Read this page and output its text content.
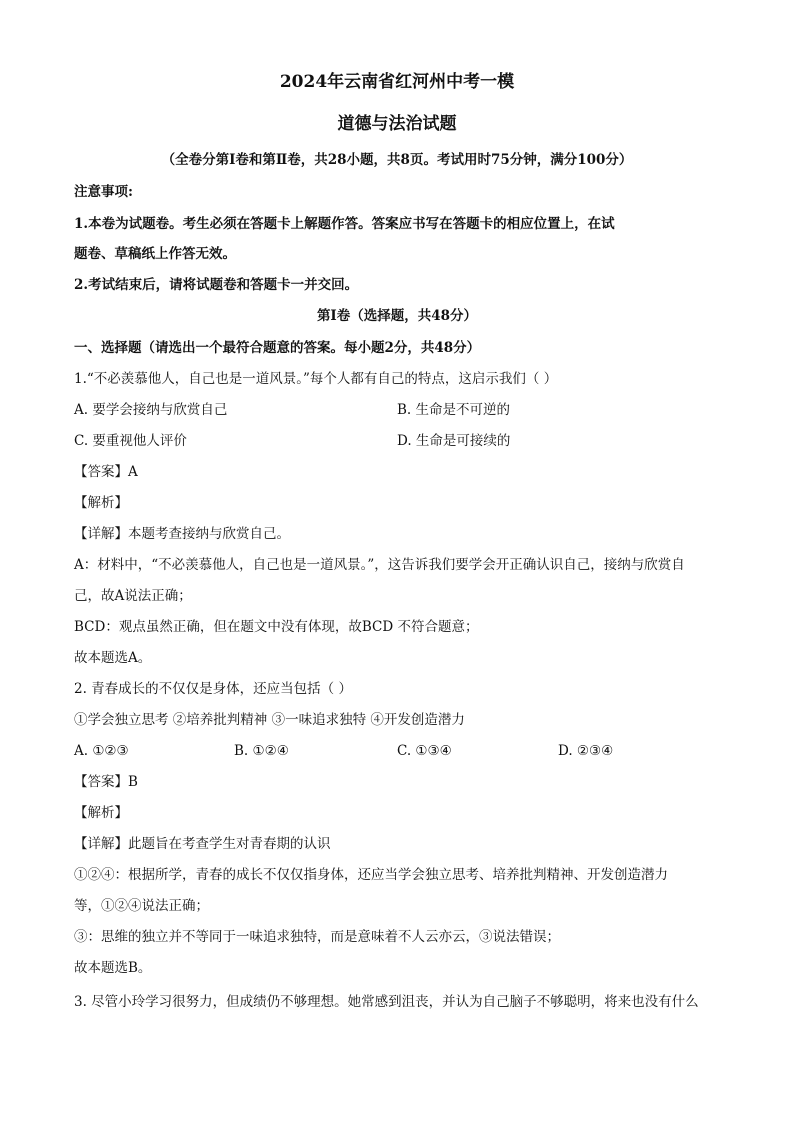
2024年云南省红河州中考一模
道德与法治试题
（全卷分第Ⅰ卷和第Ⅱ卷，共28小题，共8页。考试用时75分钟，满分100分）
注意事项:
1.本卷为试题卷。考生必须在答题卡上解题作答。答案应书写在答题卡的相应位置上，在试
题卷、草稿纸上作答无效。
2.考试结束后，请将试题卷和答题卡一并交回。
第Ⅰ卷（选择题，共48分）
一、选择题（请选出一个最符合题意的答案。每小题2分，共48分）
1.“不必羡慕他人，自己也是一道风景。”每个人都有自己的特点，这启示我们（ ）
A. 要学会接纳与欣赏自己	B. 生命是不可逆的
C. 要重视他人评价	D. 生命是可接续的
【答案】A
【解析】
【详解】本题考查接纳与欣赏自己。
A：材料中，“不必羡慕他人，自己也是一道风景。”，这告诉我们要学会开正确认识自己，接纳与欣赏自
己，故A说法正确；
BCD：观点虽然正确，但在题文中没有体现，故BCD 不符合题意；
故本题选A。
2. 青春成长的不仅仅是身体，还应当包括（ ）
①学会独立思考 ②培养批判精神 ③一味追求独特 ④开发创造潜力
A. ①②③	B. ①②④	C. ①③④	D. ②③④
【答案】B
【解析】
【详解】此题旨在考查学生对青春期的认识
①②④：根据所学，青春的成长不仅仅指身体，还应当学会独立思考、培养批判精神、开发创造潜力
等，①②④说法正确；
③：思维的独立并不等同于一味追求独特，而是意味着不人云亦云，③说法错误；
故本题选B。
3. 尽管小玲学习很努力，但成绩仍不够理想。她常感到沮丧，并认为自己脑子不够聪明，将来也没有什么
